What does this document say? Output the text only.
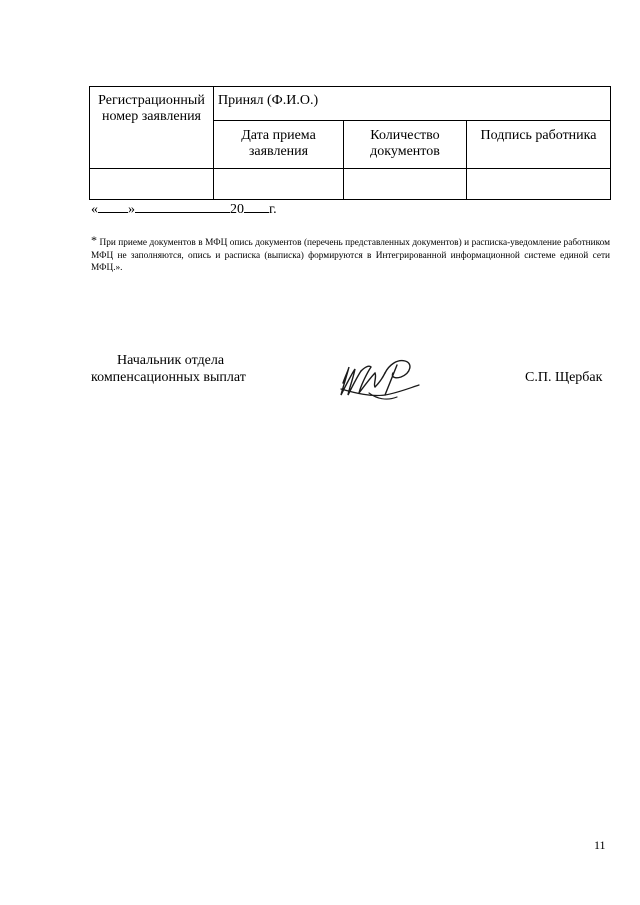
Регистрационный номер заявления	Принял (Ф.И.О.)		
	Дата приема заявления	Количество документов	Подпись работника

« »	20 г.
* При приеме документов в МФЦ опись документов (перечень представленных документов) и расписка-уведомление работником МФЦ не заполняются, опись и расписка (выписка) формируются в Интегрированной информационной системе единой сети МФЦ.».
Начальник отдела
компенсационных выплат	С.П. Щербак
11
